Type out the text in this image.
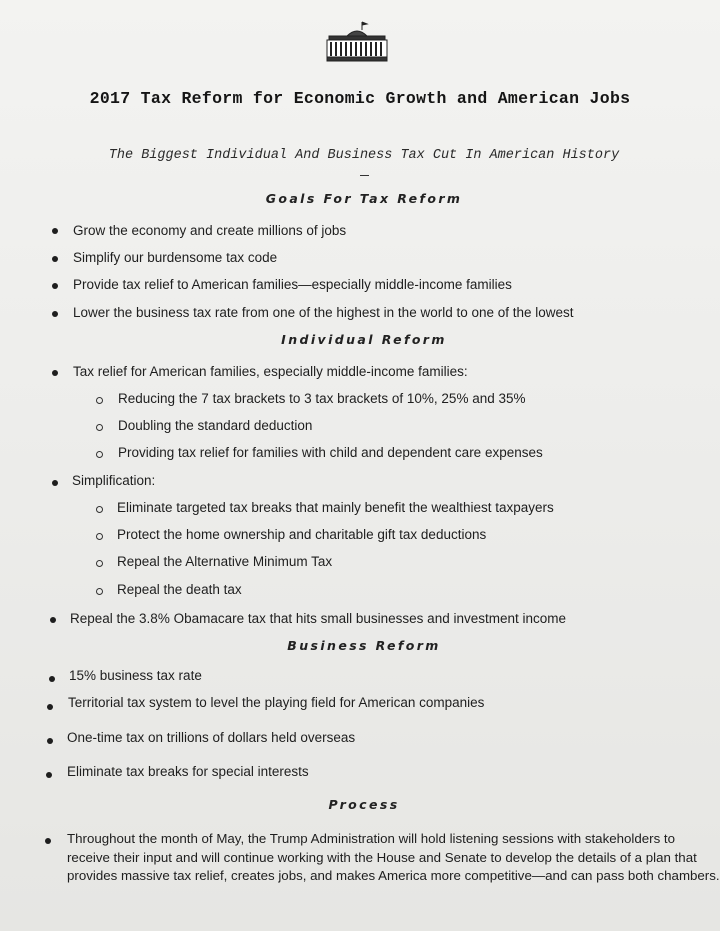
2017 Tax Reform for Economic Growth and American Jobs
The Biggest Individual And Business Tax Cut In American History
Goals For Tax Reform
Grow the economy and create millions of jobs
Simplify our burdensome tax code
Provide tax relief to American families—especially middle-income families
Lower the business tax rate from one of the highest in the world to one of the lowest
Individual Reform
Tax relief for American families, especially middle-income families:
Reducing the 7 tax brackets to 3 tax brackets of 10%, 25% and 35%
Doubling the standard deduction
Providing tax relief for families with child and dependent care expenses
Simplification:
Eliminate targeted tax breaks that mainly benefit the wealthiest taxpayers
Protect the home ownership and charitable gift tax deductions
Repeal the Alternative Minimum Tax
Repeal the death tax
Repeal the 3.8% Obamacare tax that hits small businesses and investment income
Business Reform
15% business tax rate
Territorial tax system to level the playing field for American companies
One-time tax on trillions of dollars held overseas
Eliminate tax breaks for special interests
Process
Throughout the month of May, the Trump Administration will hold listening sessions with stakeholders to
receive their input and will continue working with the House and Senate to develop the details of a plan that
provides massive tax relief, creates jobs, and makes America more competitive—and can pass both chambers.
